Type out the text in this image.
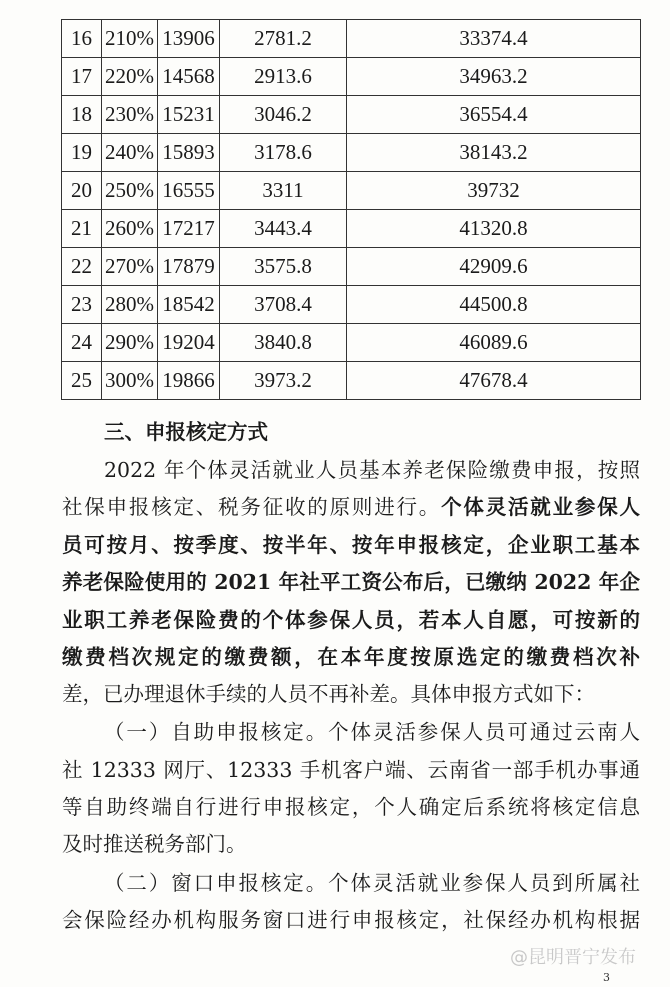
16	210%	13906	2781.2	33374.4
17	220%	14568	2913.6	34963.2
18	230%	15231	3046.2	36554.4
19	240%	15893	3178.6	38143.2
20	250%	16555	3311	39732
21	260%	17217	3443.4	41320.8
22	270%	17879	3575.8	42909.6
23	280%	18542	3708.4	44500.8
24	290%	19204	3840.8	46089.6
25	300%	19866	3973.2	47678.4
三、申报核定方式
2022 年个体灵活就业人员基本养老保险缴费申报，按照
社保申报核定、税务征收的原则进行。个体灵活就业参保人
员可按月、按季度、按半年、按年申报核定，企业职工基本
养老保险使用的 2021 年社平工资公布后，已缴纳 2022 年企
业职工养老保险费的个体参保人员，若本人自愿，可按新的
缴费档次规定的缴费额，在本年度按原选定的缴费档次补
差，已办理退休手续的人员不再补差。具体申报方式如下：
（一）自助申报核定。个体灵活参保人员可通过云南人
社 12333 网厅、12333 手机客户端、云南省一部手机办事通
等自助终端自行进行申报核定，个人确定后系统将核定信息
及时推送税务部门。
（二）窗口申报核定。个体灵活就业参保人员到所属社
会保险经办机构服务窗口进行申报核定，社保经办机构根据
@昆明晋宁发布
3
